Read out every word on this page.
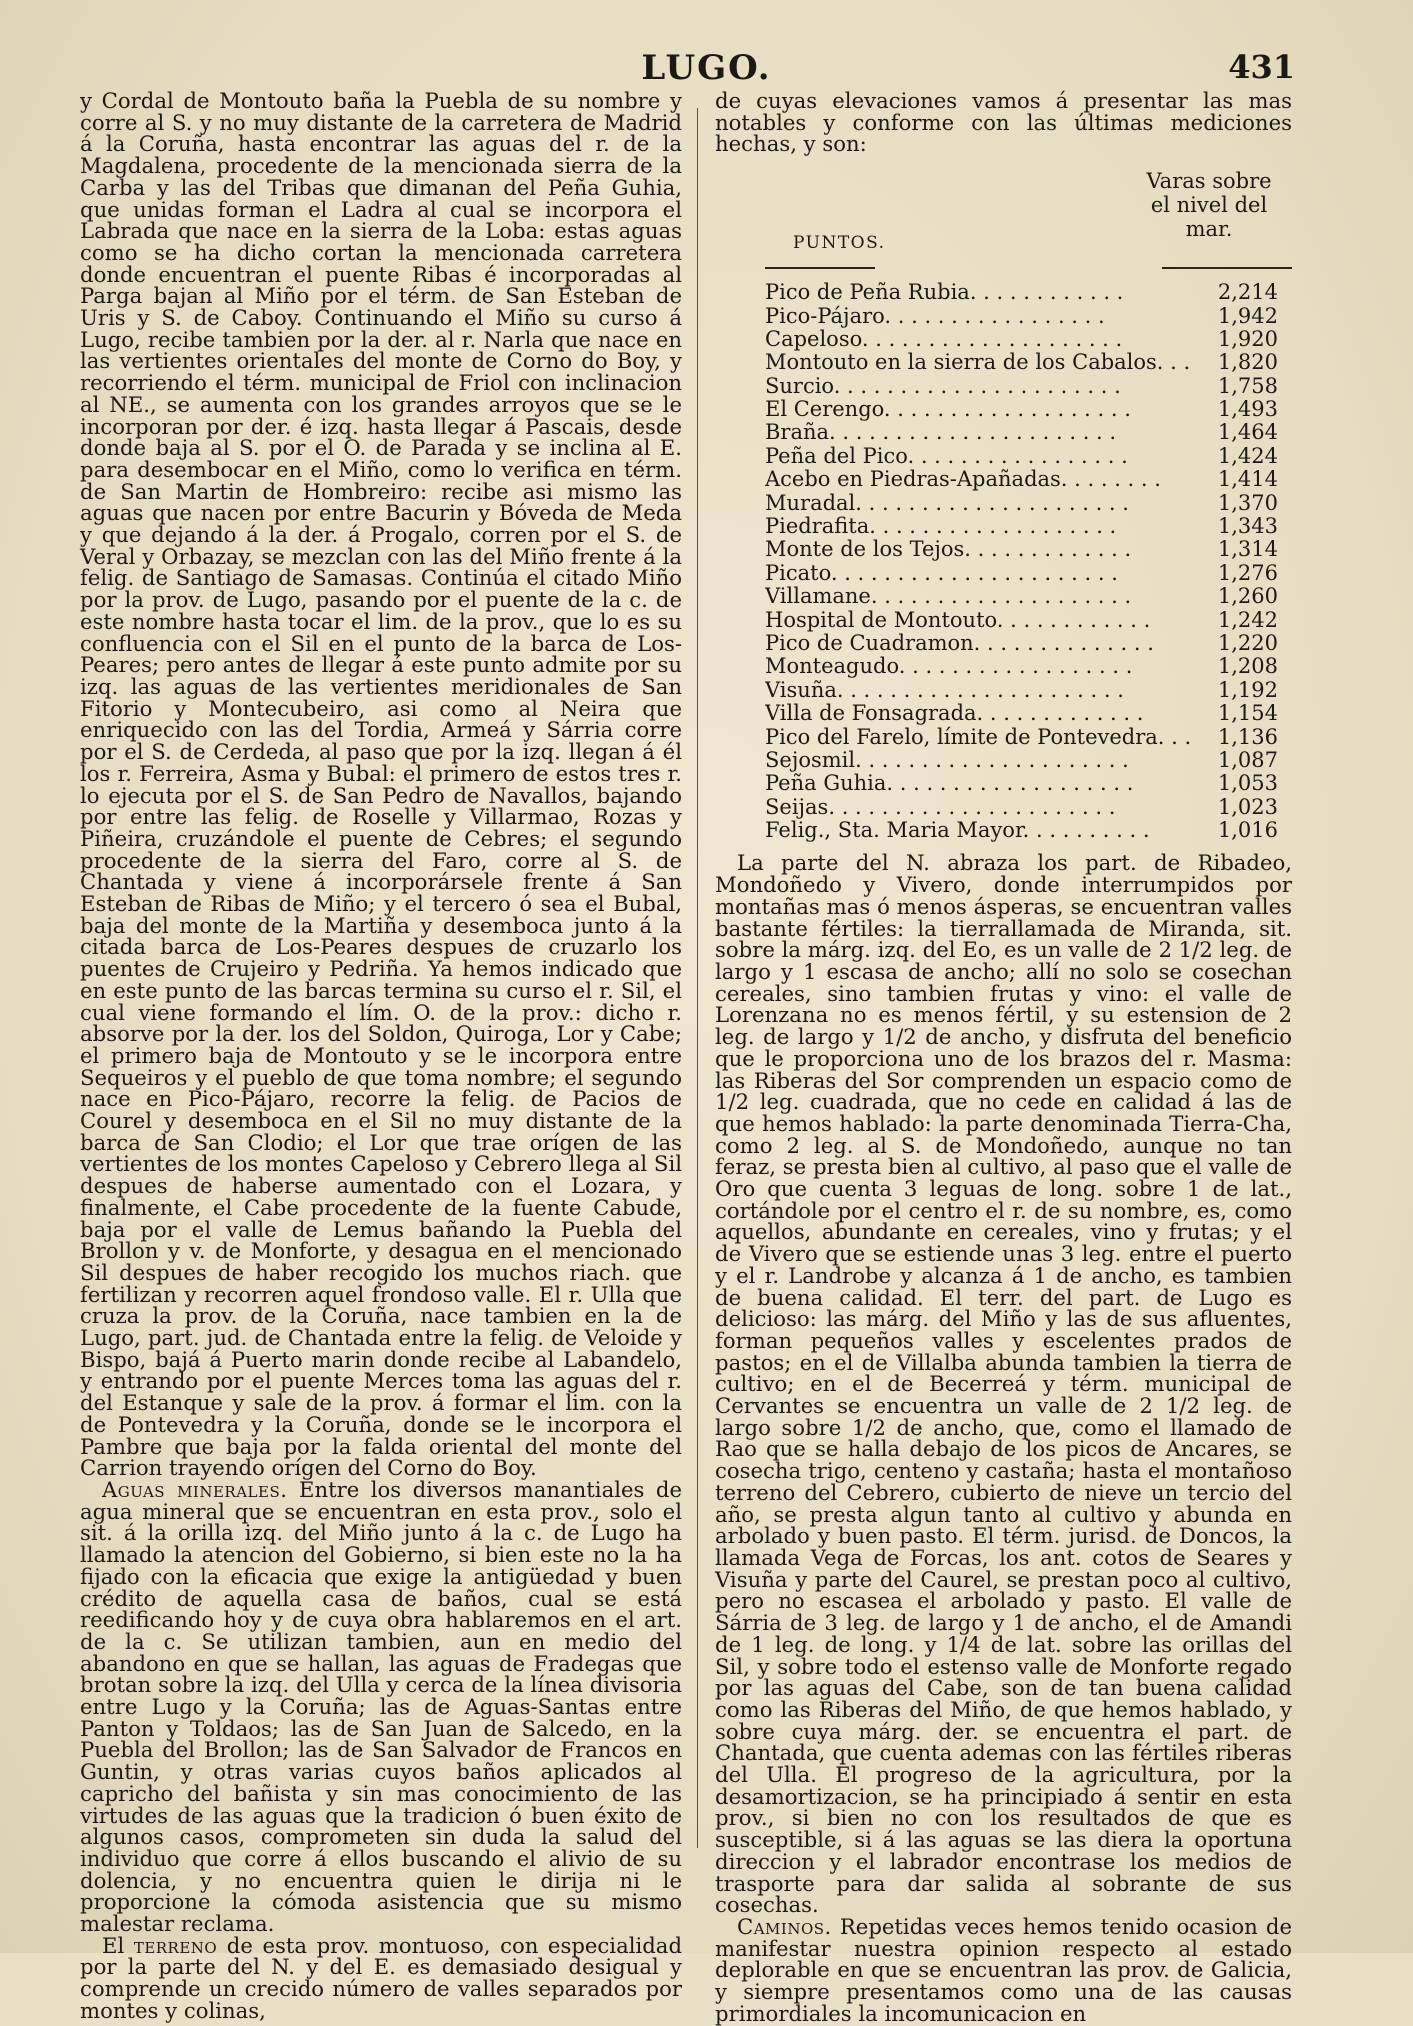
LUGO.	431

y Cordal de Montouto baña la Puebla de su nombre y corre al S. y no muy distante de la carretera de Madrid á la Coruña, hasta encontrar las aguas del r. de la Magdalena, procedente de la mencionada sierra de la Carba y las del Tribas que dimanan del Peña Guhia, que unidas forman el Ladra al cual se incorpora el Labrada que nace en la sierra de la Loba: estas aguas como se ha dicho cortan la mencionada carretera donde encuentran el puente Ribas é incorporadas al Parga bajan al Miño por el térm. de San Esteban de Uris y S. de Caboy. Continuando el Miño su curso á Lugo, recibe tambien por la der. al r. Narla que nace en las vertientes orientales del monte de Corno do Boy, y recorriendo el térm. municipal de Friol con inclinacion al NE., se aumenta con los grandes arroyos que se le incorporan por der. é izq. hasta llegar á Pascais, desde donde baja al S. por el O. de Parada y se inclina al E. para desembocar en el Miño, como lo verifica en térm. de San Martin de Hombreiro: recibe asi mismo las aguas que nacen por entre Bacurin y Bóveda de Meda y que dejando á la der. á Progalo, corren por el S. de Veral y Orbazay, se mezclan con las del Miño frente á la felig. de Santiago de Samasas. Continúa el citado Miño por la prov. de Lugo, pasando por el puente de la c. de este nombre hasta tocar el lim. de la prov., que lo es su confluencia con el Sil en el punto de la barca de Los-Peares; pero antes de llegar á este punto admite por su izq. las aguas de las vertientes meridionales de San Fitorio y Montecubeiro, asi como al Neira que enriquecido con las del Tordia, Armeá y Sárria corre por el S. de Cerdeda, al paso que por la izq. llegan á él los r. Ferreira, Asma y Bubal: el primero de estos tres r. lo ejecuta por el S. de San Pedro de Navallos, bajando por entre las felig. de Roselle y Villarmao, Rozas y Piñeira, cruzándole el puente de Cebres; el segundo procedente de la sierra del Faro, corre al S. de Chantada y viene á incorporársele frente á San Esteban de Ribas de Miño; y el tercero ó sea el Bubal, baja del monte de la Martiña y desemboca junto á la citada barca de Los-Peares despues de cruzarlo los puentes de Crujeiro y Pedriña. Ya hemos indicado que en este punto de las barcas termina su curso el r. Sil, el cual viene formando el lím. O. de la prov.: dicho r. absorve por la der. los del Soldon, Quiroga, Lor y Cabe; el primero baja de Montouto y se le incorpora entre Sequeiros y el pueblo de que toma nombre; el segundo nace en Pico-Pájaro, recorre la felig. de Pacios de Courel y desemboca en el Sil no muy distante de la barca de San Clodio; el Lor que trae orígen de las vertientes de los montes Capeloso y Cebrero llega al Sil despues de haberse aumentado con el Lozara, y finalmente, el Cabe procedente de la fuente Cabude, baja por el valle de Lemus bañando la Puebla del Brollon y v. de Monforte, y desagua en el mencionado Sil despues de haber recogido los muchos riach. que fertilizan y recorren aquel frondoso valle. El r. Ulla que cruza la prov. de la Coruña, nace tambien en la de Lugo, part. jud. de Chantada entre la felig. de Veloide y Bispo, bajá á Puerto marin donde recibe al Labandelo, y entrando por el puente Merces toma las aguas del r. del Estanque y sale de la prov. á formar el lim. con la de Pontevedra y la Coruña, donde se le incorpora el Pambre que baja por la falda oriental del monte del Carrion trayendo orígen del Corno do Boy.

Aguas minerales. Entre los diversos manantiales de agua mineral que se encuentran en esta prov., solo el sit. á la orilla izq. del Miño junto á la c. de Lugo ha llamado la atencion del Gobierno, si bien este no la ha fijado con la eficacia que exige la antigüedad y buen crédito de aquella casa de baños, cual se está reedificando hoy y de cuya obra hablaremos en el art. de la c. Se utilizan tambien, aun en medio del abandono en que se hallan, las aguas de Fradegas que brotan sobre la izq. del Ulla y cerca de la línea divisoria entre Lugo y la Coruña; las de Aguas-Santas entre Panton y Toldaos; las de San Juan de Salcedo, en la Puebla del Brollon; las de San Salvador de Francos en Guntin, y otras varias cuyos baños aplicados al capricho del bañista y sin mas conocimiento de las virtudes de las aguas que la tradicion ó buen éxito de algunos casos, comprometen sin duda la salud del individuo que corre á ellos buscando el alivio de su dolencia, y no encuentra quien le dirija ni le proporcione la cómoda asistencia que su mismo malestar reclama.

El terreno de esta prov. montuoso, con especialidad por la parte del N. y del E. es demasiado desigual y comprende un crecido número de valles separados por montes y colinas,

de cuyas elevaciones vamos á presentar las mas notables y conforme con las últimas mediciones hechas, y son:

PUNTOS.
Varas sobre el nivel del mar.
Pico de Peña Rubia. . . . . . . . . . . .	2,214
Pico-Pájaro. . . . . . . . . . . . . . . . .	1,942
Capeloso. . . . . . . . . . . . . . . . . . . .	1,920
Montouto en la sierra de los Cabalos. . .	1,820
Surcio. . . . . . . . . . . . . . . . . . . . . .	1,758
El Cerengo. . . . . . . . . . . . . . . . . . .	1,493
Braña. . . . . . . . . . . . . . . . . . . . . .	1,464
Peña del Pico. . . . . . . . . . . . . . . . .	1,424
Acebo en Piedras-Apañadas. . . . . . . .	1,414
Muradal. . . . . . . . . . . . . . . . . . . . .	1,370
Piedrafita. . . . . . . . . . . . . . . . . . .	1,343
Monte de los Tejos. . . . . . . . . . . . .	1,314
Picato. . . . . . . . . . . . . . . . . . . . . .	1,276
Villamane. . . . . . . . . . . . . . . . . . . .	1,260
Hospital de Montouto. . . . . . . . . . . .	1,242
Pico de Cuadramon. . . . . . . . . . . . . .	1,220
Monteagudo. . . . . . . . . . . . . . . . . .	1,208
Visuña. . . . . . . . . . . . . . . . . . . . . .	1,192
Villa de Fonsagrada. . . . . . . . . . . . .	1,154
Pico del Farelo, límite de Pontevedra. . .	1,136
Sejosmil. . . . . . . . . . . . . . . . . . . . .	1,087
Peña Guhia. . . . . . . . . . . . . . . . . . .	1,053
Seijas. . . . . . . . . . . . . . . . . . . . . .	1,023
Felig., Sta. Maria Mayor. . . . . . . . . .	1,016

La parte del N. abraza los part. de Ribadeo, Mondoñedo y Vivero, donde interrumpidos por montañas mas ó menos ásperas, se encuentran valles bastante fértiles: la tierrallamada de Miranda, sit. sobre la márg. izq. del Eo, es un valle de 2 1/2 leg. de largo y 1 escasa de ancho; allí no solo se cosechan cereales, sino tambien frutas y vino: el valle de Lorenzana no es menos fértil, y su estension de 2 leg. de largo y 1/2 de ancho, y disfruta del beneficio que le proporciona uno de los brazos del r. Masma: las Riberas del Sor comprenden un espacio como de 1/2 leg. cuadrada, que no cede en calidad á las de que hemos hablado: la parte denominada Tierra-Cha, como 2 leg. al S. de Mondoñedo, aunque no tan feraz, se presta bien al cultivo, al paso que el valle de Oro que cuenta 3 leguas de long. sobre 1 de lat., cortándole por el centro el r. de su nombre, es, como aquellos, abundante en cereales, vino y frutas; y el de Vivero que se estiende unas 3 leg. entre el puerto y el r. Landrobe y alcanza á 1 de ancho, es tambien de buena calidad. El terr. del part. de Lugo es delicioso: las márg. del Miño y las de sus afluentes, forman pequeños valles y escelentes prados de pastos; en el de Villalba abunda tambien la tierra de cultivo; en el de Becerreá y térm. municipal de Cervantes se encuentra un valle de 2 1/2 leg. de largo sobre 1/2 de ancho, que, como el llamado de Rao que se halla debajo de los picos de Ancares, se cosecha trigo, centeno y castaña; hasta el montañoso terreno del Cebrero, cubierto de nieve un tercio del año, se presta algun tanto al cultivo y abunda en arbolado y buen pasto. El térm. jurisd. de Doncos, la llamada Vega de Forcas, los ant. cotos de Seares y Visuña y parte del Caurel, se prestan poco al cultivo, pero no escasea el arbolado y pasto. El valle de Sárria de 3 leg. de largo y 1 de ancho, el de Amandi de 1 leg. de long. y 1/4 de lat. sobre las orillas del Sil, y sobre todo el estenso valle de Monforte regado por las aguas del Cabe, son de tan buena calidad como las Riberas del Miño, de que hemos hablado, y sobre cuya márg. der. se encuentra el part. de Chantada, que cuenta ademas con las fértiles riberas del Ulla. El progreso de la agricultura, por la desamortizacion, se ha principiado á sentir en esta prov., si bien no con los resultados de que es susceptible, si á las aguas se las diera la oportuna direccion y el labrador encontrase los medios de trasporte para dar salida al sobrante de sus cosechas.

Caminos. Repetidas veces hemos tenido ocasion de manifestar nuestra opinion respecto al estado deplorable en que se encuentran las prov. de Galicia, y siempre presentamos como una de las causas primordiales la incomunicacion en
